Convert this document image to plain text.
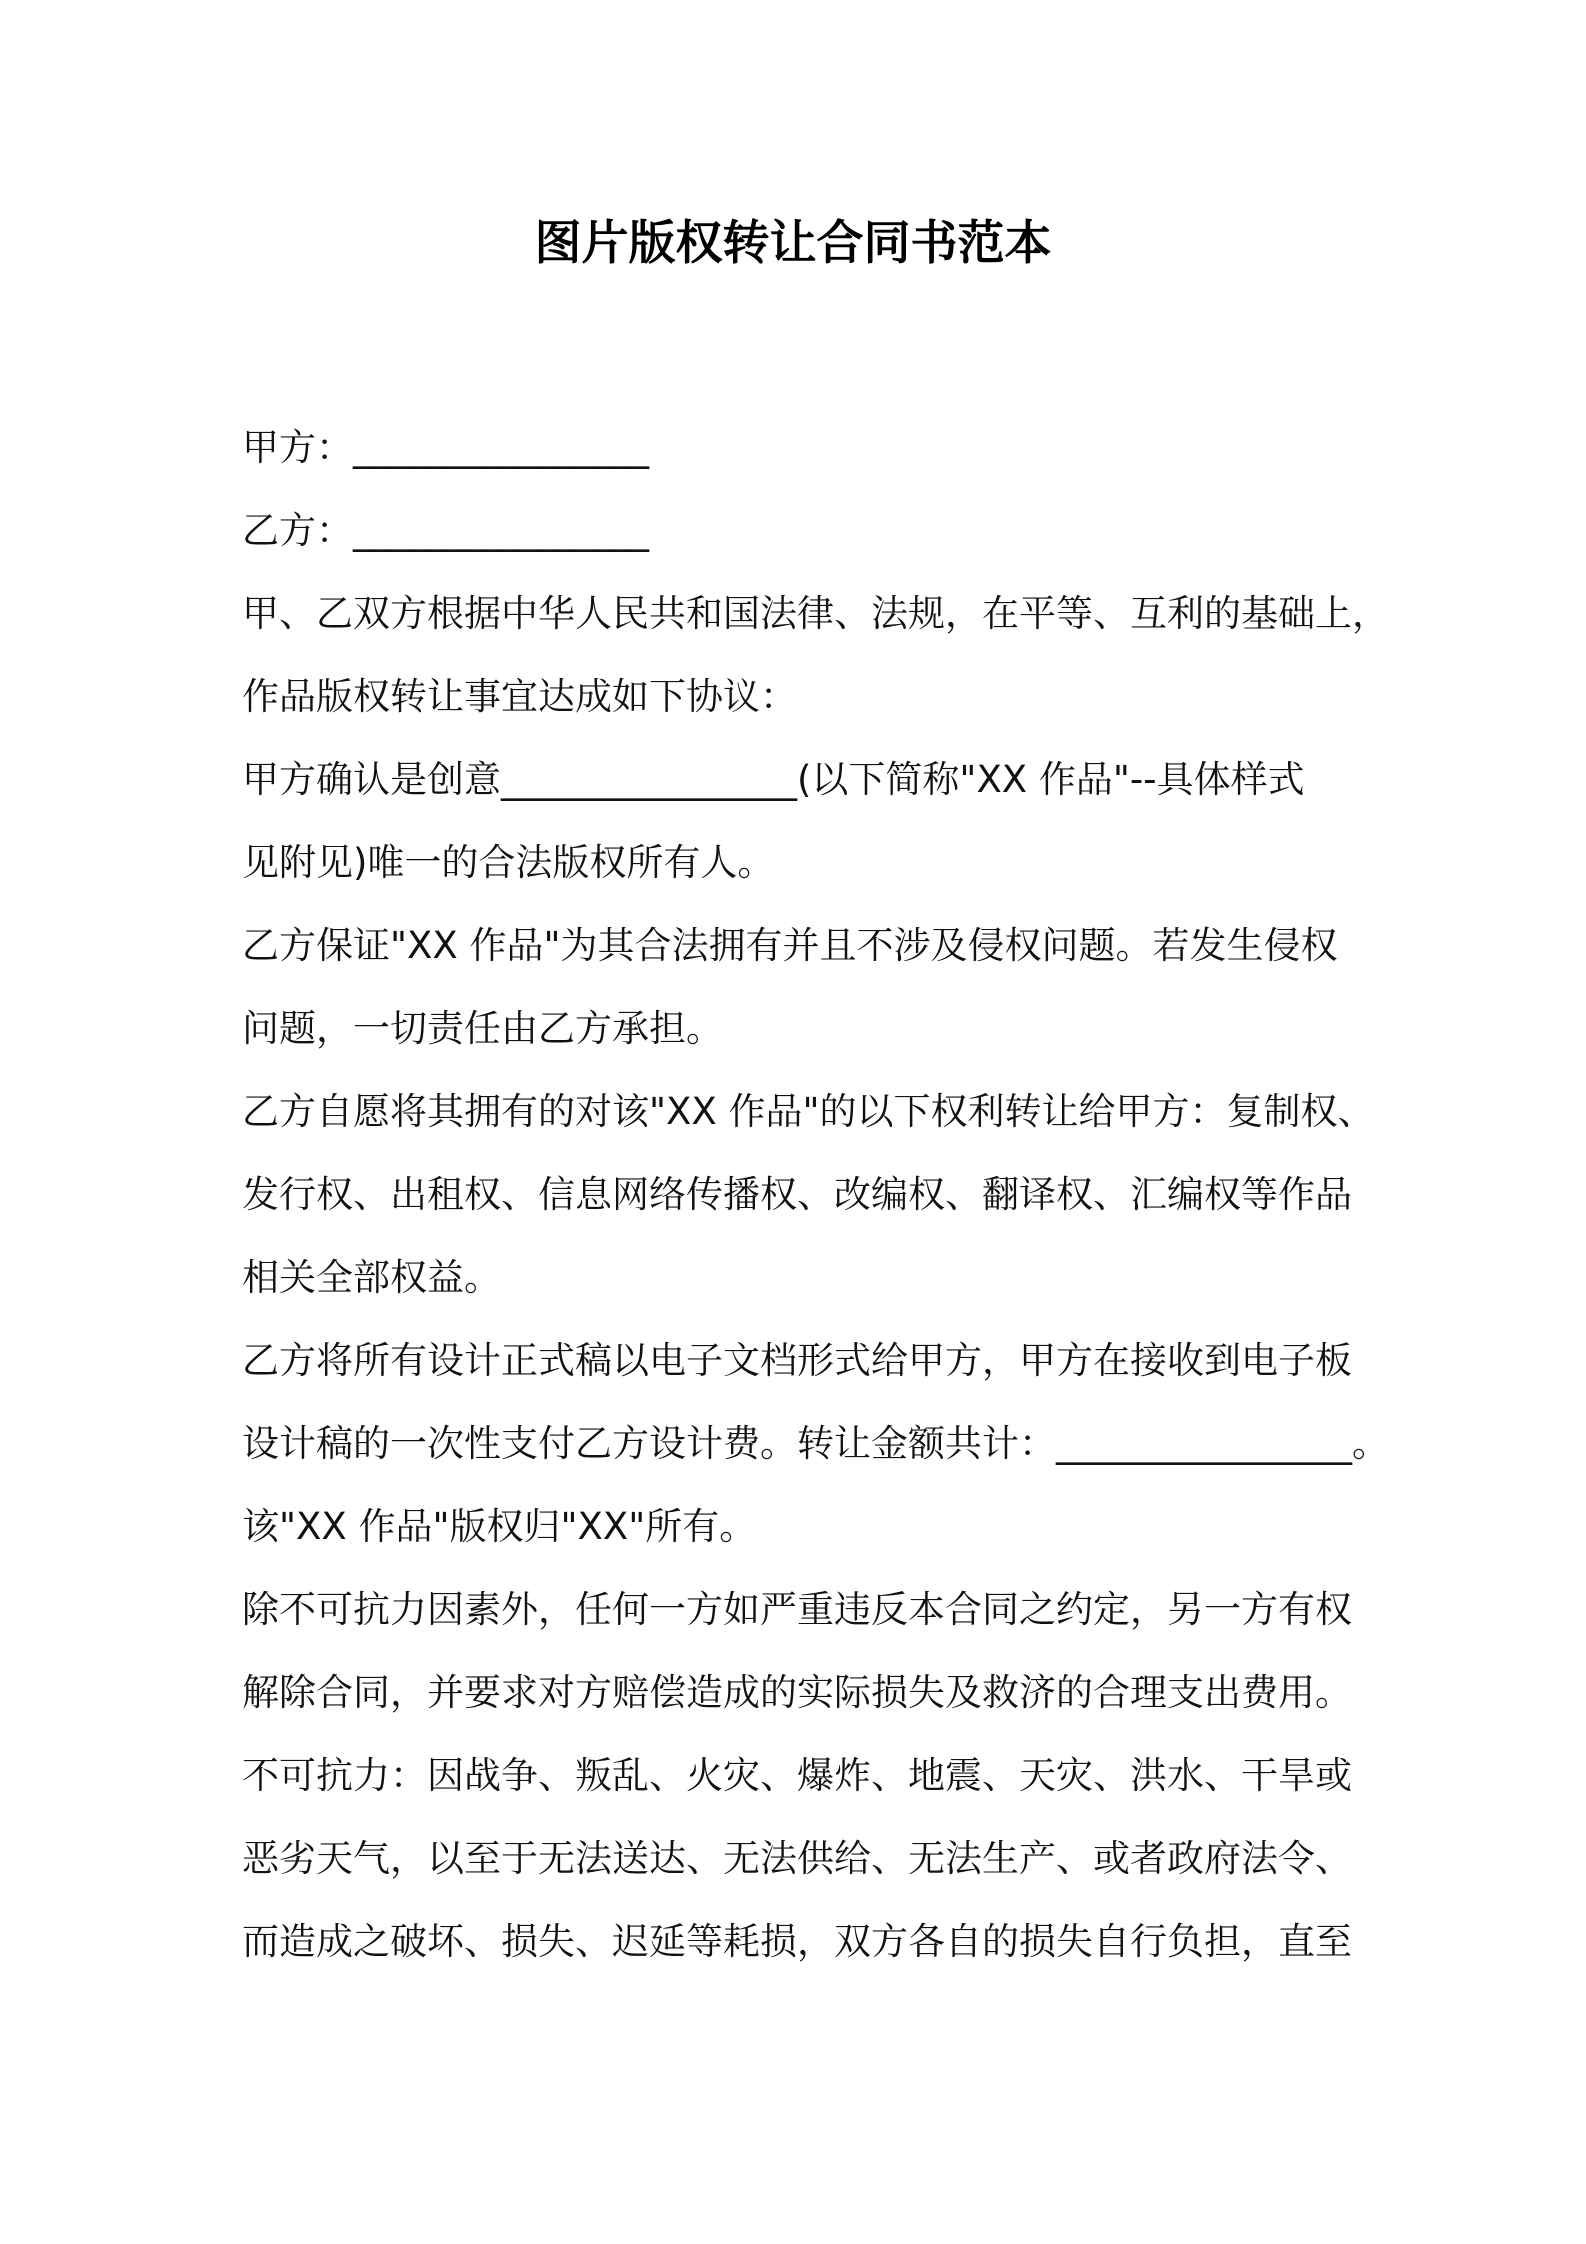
图片版权转让合同书范本
甲方：________________
乙方：________________
甲、乙双方根据中华人民共和国法律、法规，在平等、互利的基础上，
作品版权转让事宜达成如下协议：
甲方确认是创意________________(以下简称"XX 作品"--具体样式
见附见)唯一的合法版权所有人。
乙方保证"XX 作品"为其合法拥有并且不涉及侵权问题。若发生侵权
问题，一切责任由乙方承担。
乙方自愿将其拥有的对该"XX 作品"的以下权利转让给甲方：复制权、
发行权、出租权、信息网络传播权、改编权、翻译权、汇编权等作品
相关全部权益。
乙方将所有设计正式稿以电子文档形式给甲方，甲方在接收到电子板
设计稿的一次性支付乙方设计费。转让金额共计：________________。
该"XX 作品"版权归"XX"所有。
除不可抗力因素外，任何一方如严重违反本合同之约定，另一方有权
解除合同，并要求对方赔偿造成的实际损失及救济的合理支出费用。
不可抗力：因战争、叛乱、火灾、爆炸、地震、天灾、洪水、干旱或
恶劣天气，以至于无法送达、无法供给、无法生产、或者政府法令、
而造成之破坏、损失、迟延等耗损，双方各自的损失自行负担，直至
